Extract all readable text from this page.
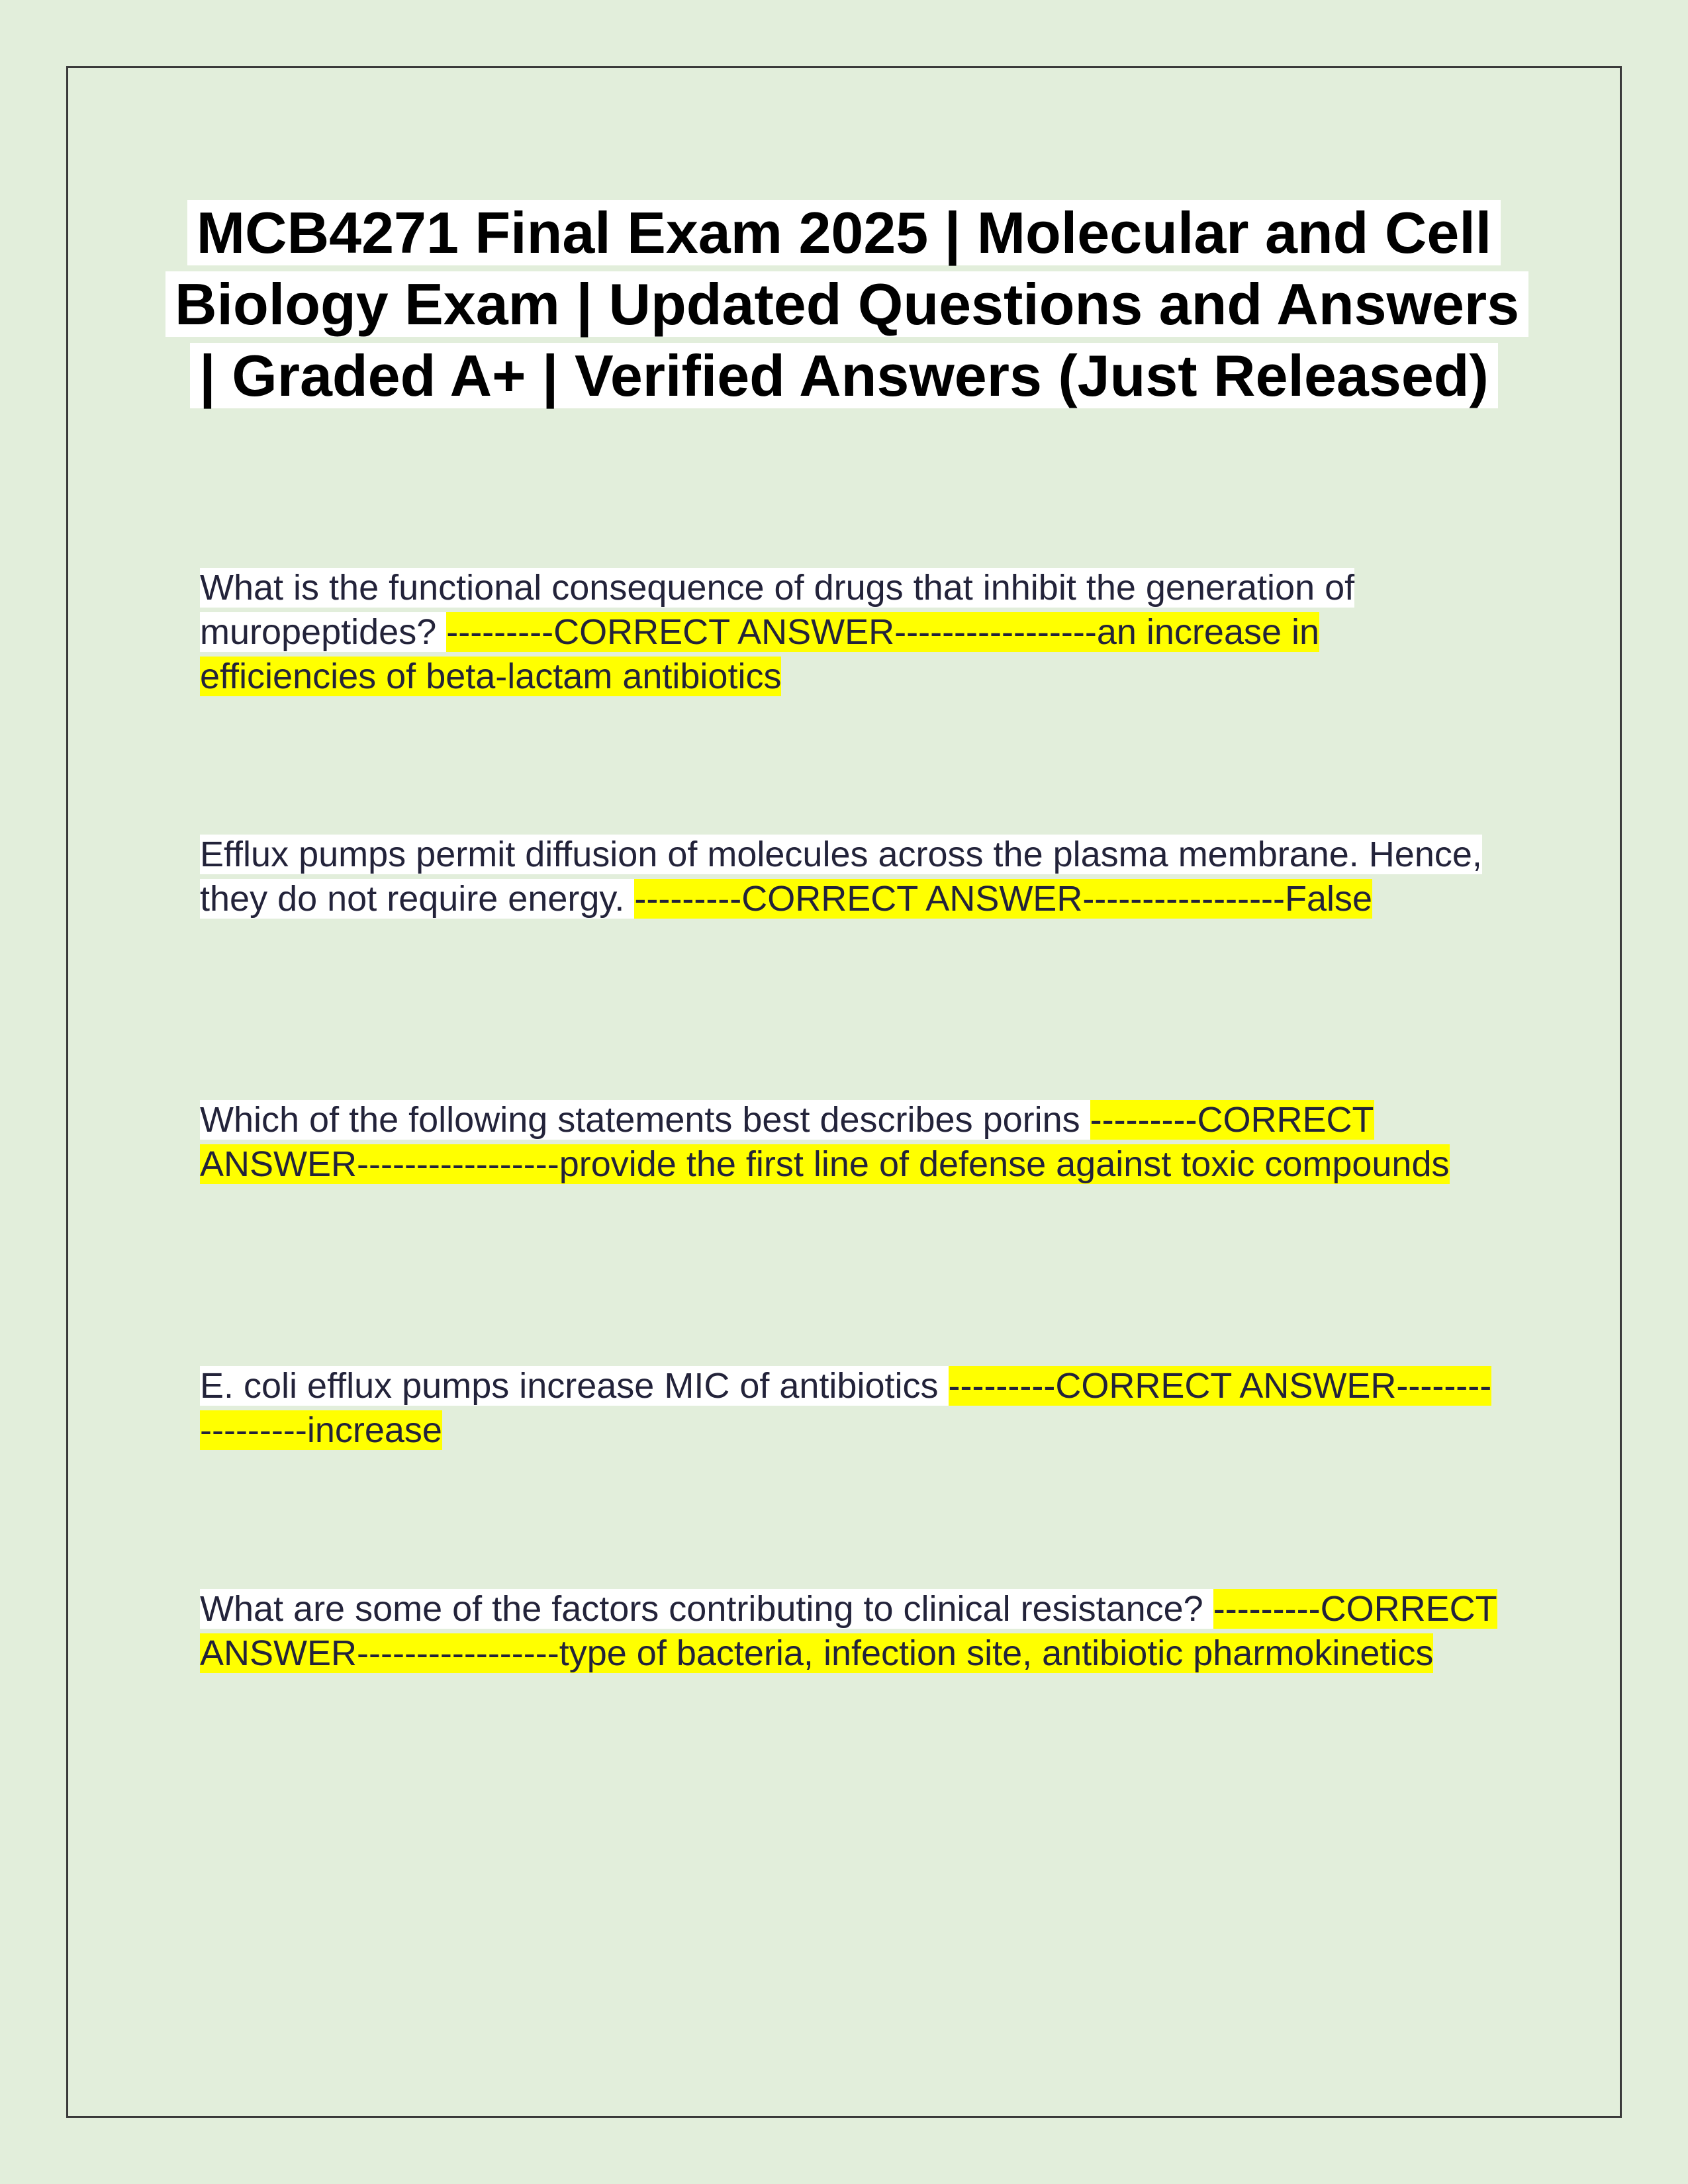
MCB4271 Final Exam 2025 | Molecular and Cell Biology Exam | Updated Questions and Answers | Graded A+ | Verified Answers (Just Released)

What is the functional consequence of drugs that inhibit the generation of muropeptides? ---------CORRECT ANSWER-----------------an increase in efficiencies of beta-lactam antibiotics

Efflux pumps permit diffusion of molecules across the plasma membrane. Hence, they do not require energy. ---------CORRECT ANSWER-----------------False

Which of the following statements best describes porins ---------CORRECT ANSWER-----------------provide the first line of defense against toxic compounds

E. coli efflux pumps increase MIC of antibiotics ---------CORRECT ANSWER-----------------increase

What are some of the factors contributing to clinical resistance? ---------CORRECT ANSWER-----------------type of bacteria, infection site, antibiotic pharmokinetics
